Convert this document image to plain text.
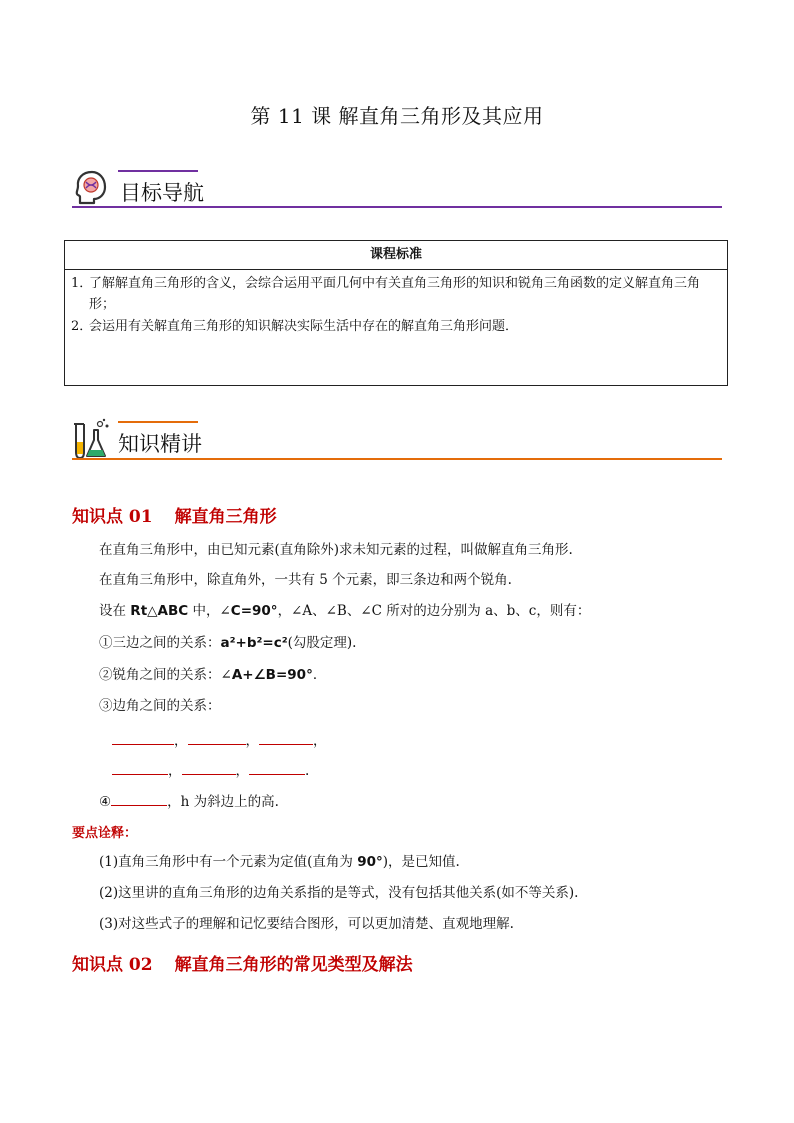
第 11 课 解直角三角形及其应用
目标导航
课程标准
1．
了解解直角三角形的含义，会综合运用平面几何中有关直角三角形的知识和锐角三角函数的定义解直角三角形；
2．
会运用有关解直角三角形的知识解决实际生活中存在的解直角三角形问题．
知识精讲
知识点 01 解直角三角形
在直角三角形中，由已知元素(直角除外)求未知元素的过程，叫做解直角三角形.
在直角三角形中，除直角外，一共有 5 个元素，即三条边和两个锐角.
设在 Rt△ABC 中，∠C=90°，∠A、∠B、∠C 所对的边分别为 a、b、c，则有：
①三边之间的关系：a²+b²=c²(勾股定理).
②锐角之间的关系：∠A+∠B=90°．
③边角之间的关系：
，	，	，
，	，	.
④	，h 为斜边上的高.
要点诠释：
(1)直角三角形中有一个元素为定值(直角为 90°)，是已知值.
(2)这里讲的直角三角形的边角关系指的是等式，没有包括其他关系(如不等关系).
(3)对这些式子的理解和记忆要结合图形，可以更加清楚、直观地理解.
知识点 02 解直角三角形的常见类型及解法
